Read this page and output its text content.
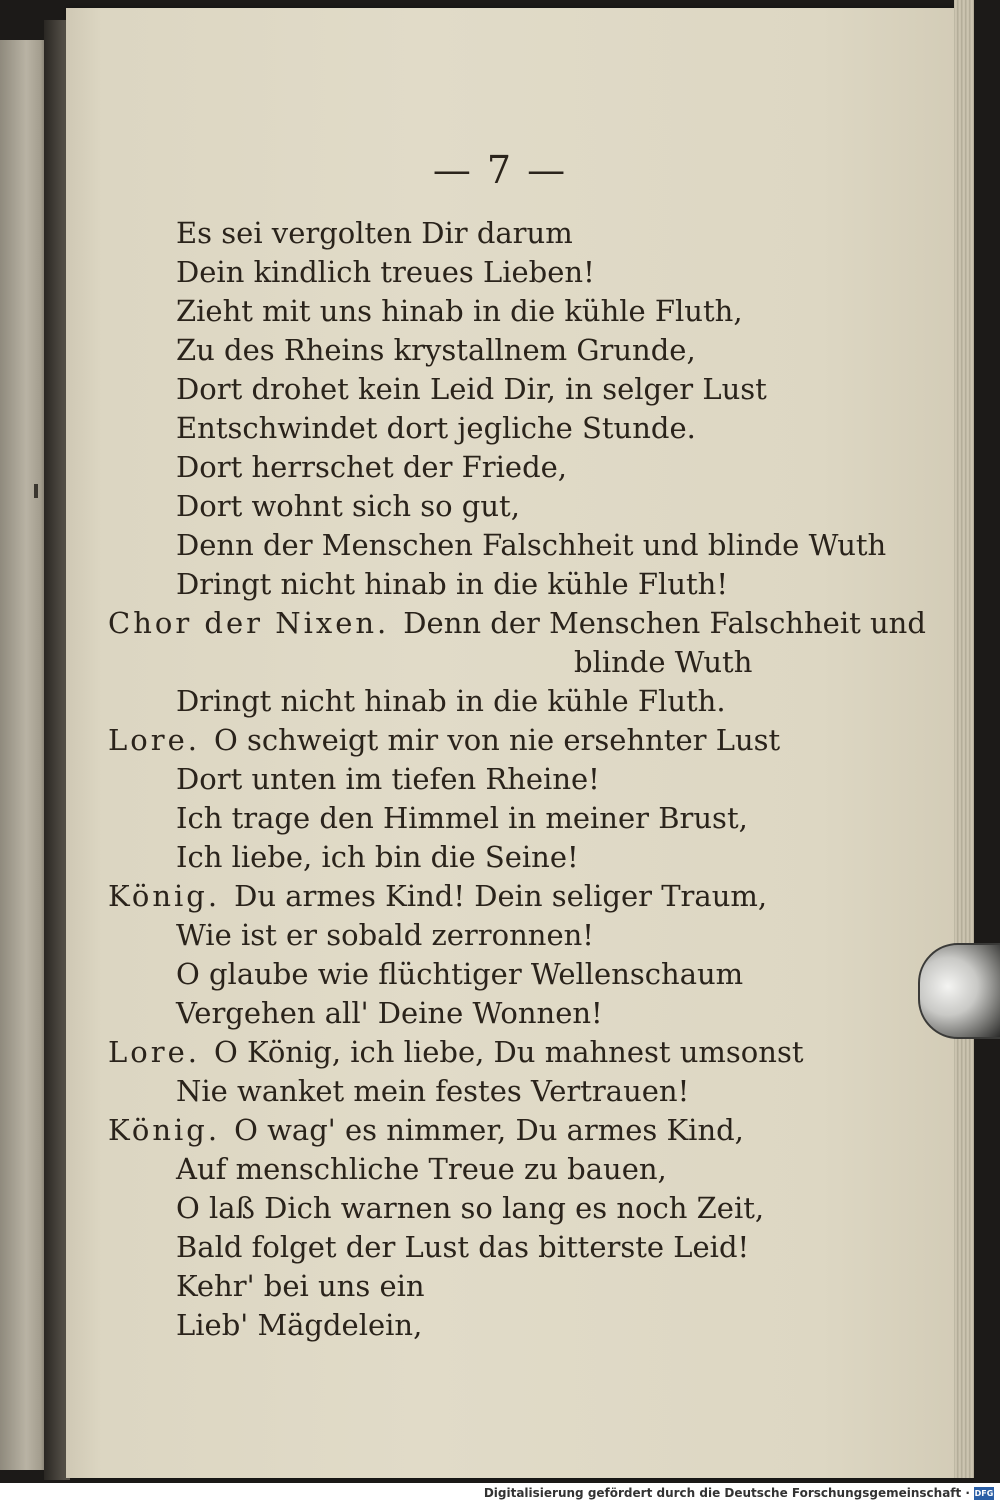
— 7 —
Es sei vergolten Dir darum
Dein kindlich treues Lieben!
Zieht mit uns hinab in die kühle Fluth,
Zu des Rheins krystallnem Grunde,
Dort drohet kein Leid Dir, in selger Lust
Entschwindet dort jegliche Stunde.
Dort herrschet der Friede,
Dort wohnt sich so gut,
Denn der Menschen Falschheit und blinde Wuth
Dringt nicht hinab in die kühle Fluth!
Chor der Nixen. Denn der Menschen Falschheit und
blinde Wuth
Dringt nicht hinab in die kühle Fluth.
Lore. O schweigt mir von nie ersehnter Lust
Dort unten im tiefen Rheine!
Ich trage den Himmel in meiner Brust,
Ich liebe, ich bin die Seine!
König. Du armes Kind! Dein seliger Traum,
Wie ist er sobald zerronnen!
O glaube wie flüchtiger Wellenschaum
Vergehen all' Deine Wonnen!
Lore. O König, ich liebe, Du mahnest umsonst
Nie wanket mein festes Vertrauen!
König. O wag' es nimmer, Du armes Kind,
Auf menschliche Treue zu bauen,
O laß Dich warnen so lang es noch Zeit,
Bald folget der Lust das bitterste Leid!
Kehr' bei uns ein
Lieb' Mägdelein,
Digitalisierung gefördert durch die Deutsche Forschungsgemeinschaft · DFG
